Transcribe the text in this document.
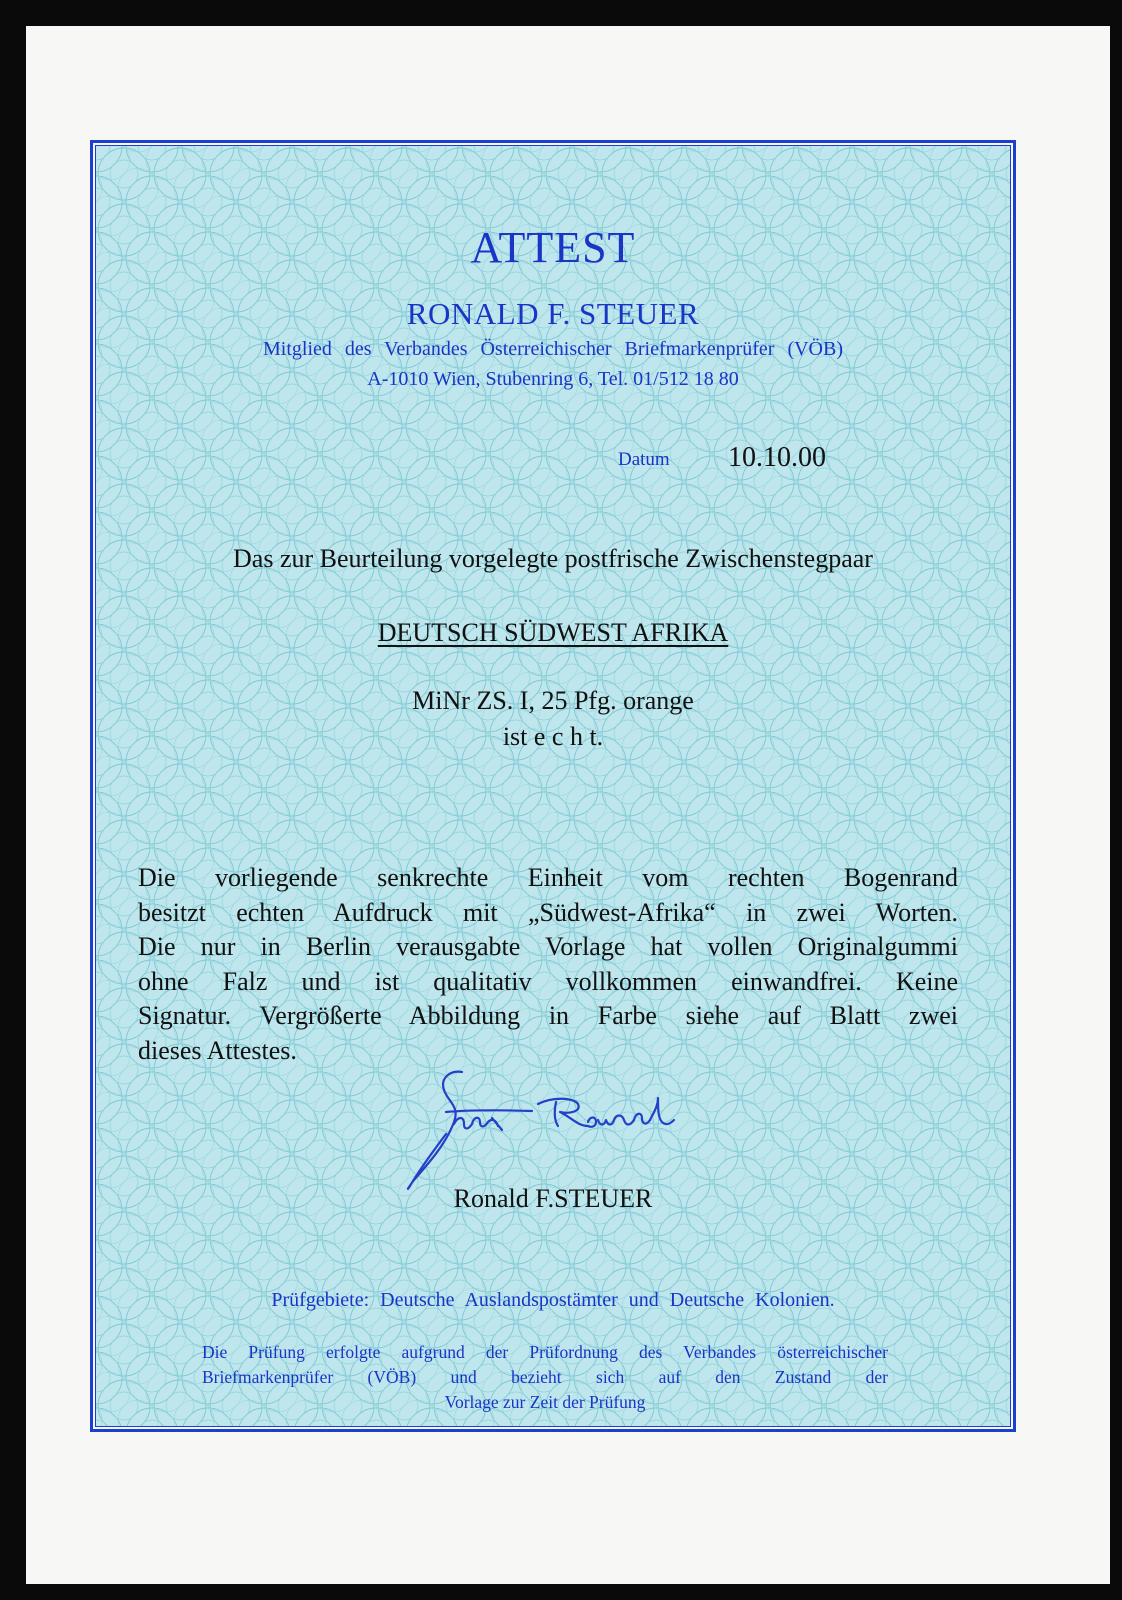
ATTEST
RONALD F. STEUER
Mitglied des Verbandes Österreichischer Briefmarkenprüfer (VÖB)
A-1010 Wien, Stubenring 6, Tel. 01/512 18 80
Datum 10.10.00
Das zur Beurteilung vorgelegte postfrische Zwischenstegpaar
DEUTSCH SÜDWEST AFRIKA
MiNr ZS. I, 25 Pfg. orange
ist e c h t.
Die vorliegende senkrechte Einheit vom rechten Bogenrand
besitzt echten Aufdruck mit „Südwest-Afrika“ in zwei Worten.
Die nur in Berlin verausgabte Vorlage hat vollen Originalgummi
ohne Falz und ist qualitativ vollkommen einwandfrei. Keine
Signatur. Vergrößerte Abbildung in Farbe siehe auf Blatt zwei
dieses Attestes.
Ronald F.STEUER
Prüfgebiete: Deutsche Auslandspostämter und Deutsche Kolonien.
Die Prüfung erfolgte aufgrund der Prüfordnung des Verbandes österreichischer
Briefmarkenprüfer (VÖB) und bezieht sich auf den Zustand der
Vorlage zur Zeit der Prüfung
